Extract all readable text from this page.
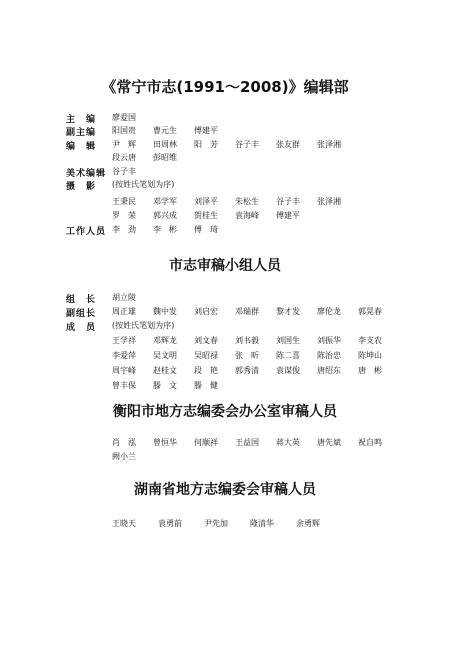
《常宁市志(1991～2008)》编辑部
主　编 廖爱国
副主编 阳国贵 曹元生 傅建平
编　辑 尹　辉 田周林 阳　芳 谷子丰 张友群 张泽湘
段云唐 彭昭维
美术编辑 谷子丰
摄　影 (按姓氏笔划为序)
王秉民 邓学军 刘泽平 朱松生 谷子丰 张泽湘
罗　荣 郭兴成 贺桂生 袁海峰 傅建平
工作人员 李　劲 李　彬 傅　琦
市志审稿小组人员
组　长 胡立陵
副组长 周正雄 魏中发 刘启宏 邓瑞群 黎才发 廖伦龙 郭晃春
成　员 (按姓氏笔划为序)
王学祥 邓辉龙 刘文春 刘书毅 刘国生 刘振华 李支农
李爱萍 吴文明 吴昭禄 张　昕 陈二喜 陈治忠 陈坤山
周宇峰 赵桂文 段　艳 郭秀清 袁谋俊 唐绍东 唐　彬
曾丰保 滕　文 滕　健
衡阳市地方志编委会办公室审稿人员
肖　泓 曾恒华 何顺祥 王益国 蒋大英 唐先斌 祝自鸣
阙小兰
湖南省地方志编委会审稿人员
王晓天	袁勇前	尹先加	隆清华	余勇辉
